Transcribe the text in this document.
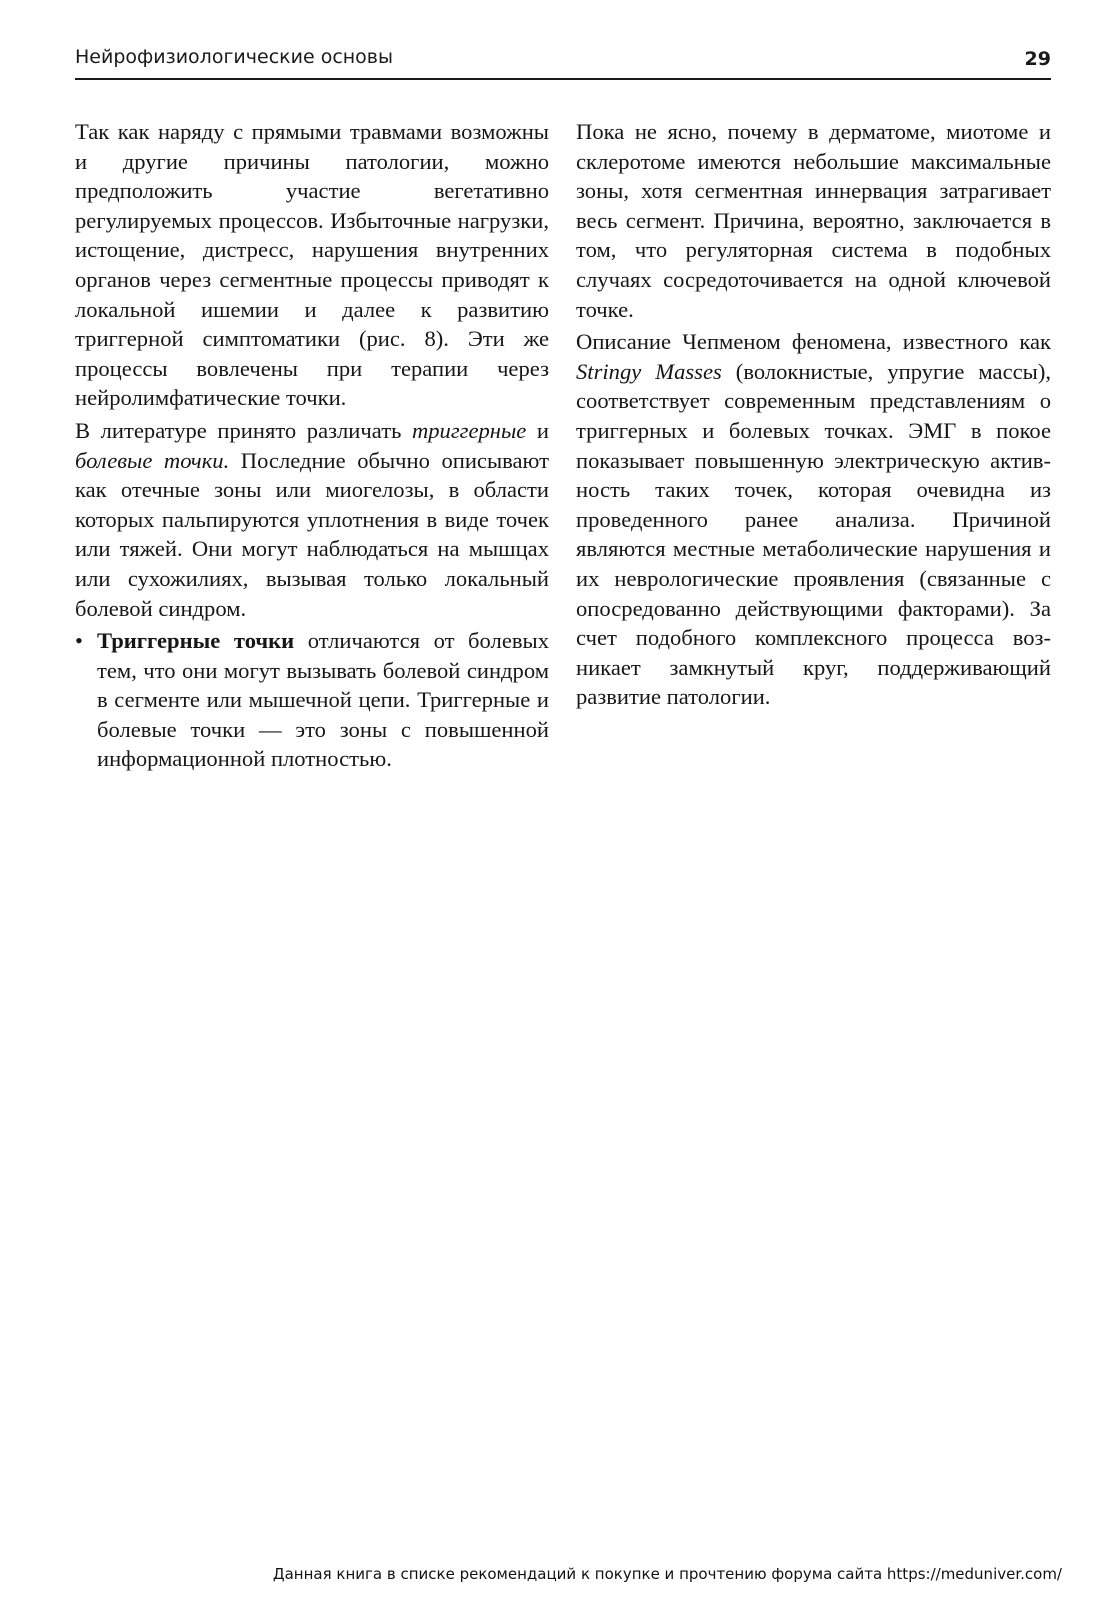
Нейрофизиологические основы	29

Так как наряду с прямыми травмами возможны и другие причины патологии, можно предположить участие вегетативно регулируемых процессов. Избыточные нагрузки, истощение, дистресс, нарушения внутренних органов через сегментные процессы приводят к локальной ишемии и далее к развитию триггерной симптоматики (рис. 8). Эти же процессы вовлечены при терапии через нейролимфатические точки.

В литературе принято различать триггерные и болевые точки. Последние обычно описывают как отечные зоны или миогелозы, в области которых пальпируются уплотнения в виде точек или тяжей. Они могут наблюдаться на мышцах или сухожилиях, вызывая только локальный болевой синдром.

• Триггерные точки отличаются от болевых тем, что они могут вызывать болевой синдром в сегменте или мышечной цепи. Триггерные и болевые точки — это зоны с повышенной информационной плотностью.

Пока не ясно, почему в дерматоме, миотоме и склеротоме имеются небольшие максимальные зоны, хотя сегментная иннервация затрагивает весь сегмент. Причина, вероятно, заключается в том, что регуляторная система в подобных случаях сосредоточивается на одной ключевой точке.

Описание Чепменом феномена, известного как Stringy Masses (волокнистые, упругие массы), соответствует современным представлениям о триггерных и болевых точках. ЭМГ в покое показывает повышенную электрическую активность таких точек, которая очевидна из проведенного ранее анализа. Причиной являются местные метаболические нарушения и их неврологические проявления (связанные с опосредованно действующими факторами). За счет подобного комплексного процесса возникает замкнутый круг, поддерживающий развитие патологии.

Данная книга в списке рекомендаций к покупке и прочтению форума сайта https://meduniver.com/
